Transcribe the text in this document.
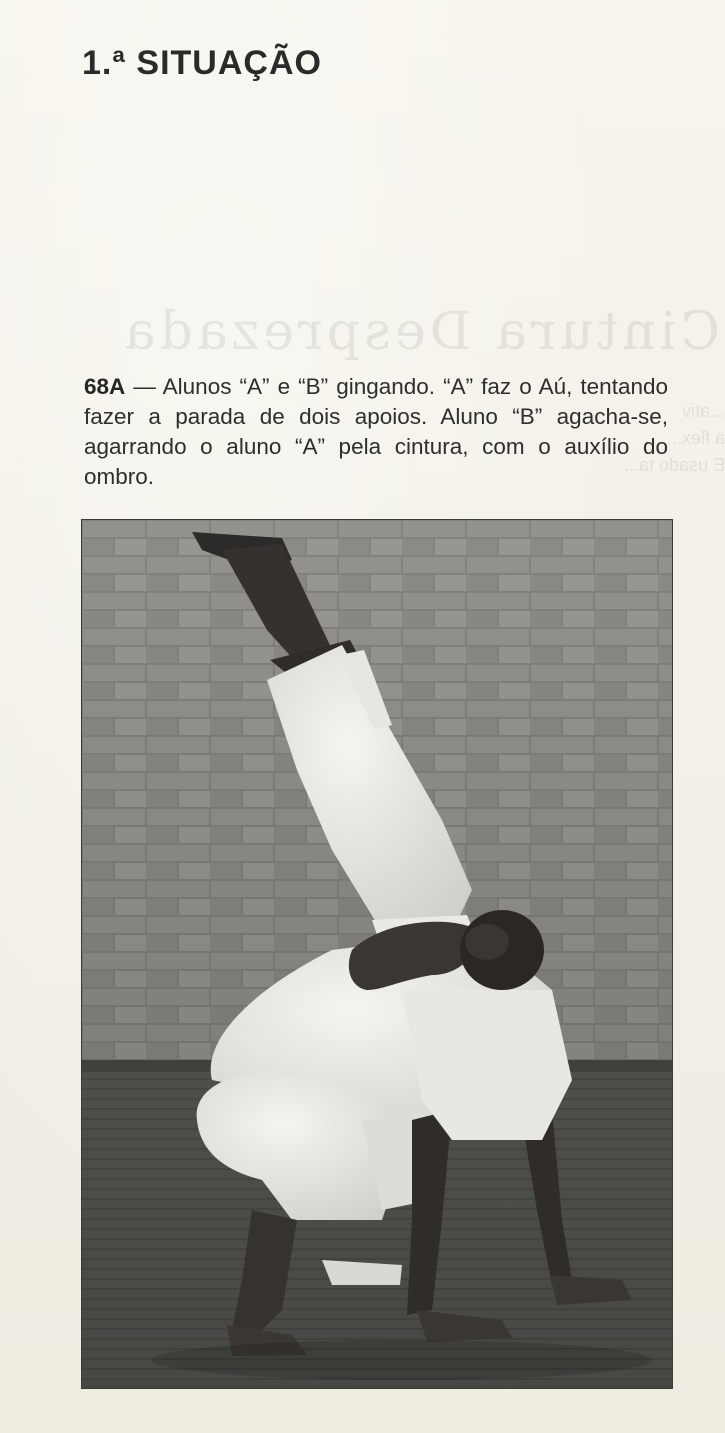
Cintura Desprezada
...ativ
a flex...
E usado ta...
1.ª SITUAÇÃO

68A — Alunos “A” e “B” gingando. “A” faz o Aú, tentando fazer a parada de dois apoios. Aluno “B” agacha-se, agarrando o aluno “A” pela cintura, com o auxílio do ombro.
